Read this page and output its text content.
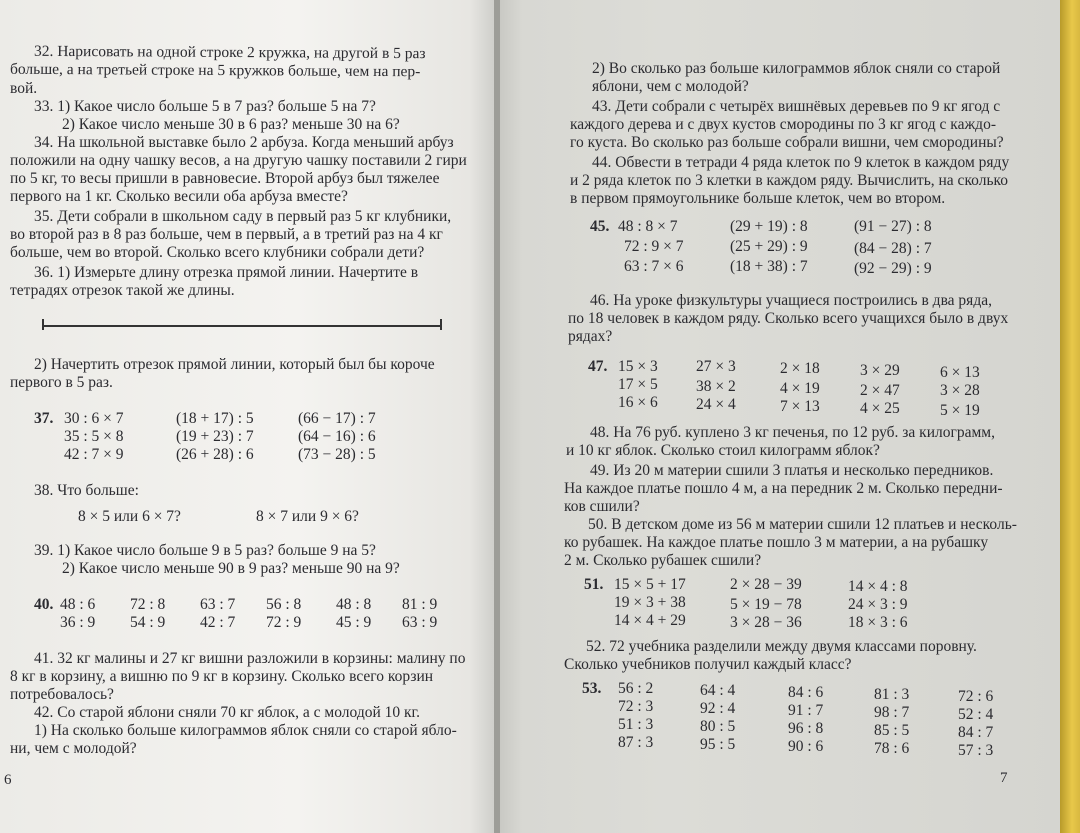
32. Нарисовать на одной строке 2 кружка, на другой в 5 раз
больше, а на третьей строке на 5 кружков больше, чем на пер-
вой.
33. 1) Какое число больше 5 в 7 раз? больше 5 на 7?
2) Какое число меньше 30 в 6 раз? меньше 30 на 6?
34. На школьной выставке было 2 арбуза. Когда меньший арбуз
положили на одну чашку весов, а на другую чашку поставили 2 гири
по 5 кг, то весы пришли в равновесие. Второй арбуз был тяжелее
первого на 1 кг. Сколько весили оба арбуза вместе?
35. Дети собрали в школьном саду в первый раз 5 кг клубники,
во второй раз в 8 раз больше, чем в первый, а в третий раз на 4 кг
больше, чем во второй. Сколько всего клубники собрали дети?
36. 1) Измерьте длину отрезка прямой линии. Начертите в
тетрадях отрезок такой же длины.
2) Начертить отрезок прямой линии, который был бы короче
первого в 5 раз.
37. 30 : 6 × 7	(18 + 17) : 5	(66 − 17) : 7
35 : 5 × 8	(19 + 23) : 7	(64 − 16) : 6
42 : 7 × 9	(26 + 28) : 6	(73 − 28) : 5
38. Что больше:
8 × 5 или 6 × 7?	8 × 7 или 9 × 6?
39. 1) Какое число больше 9 в 5 раз? больше 9 на 5?
2) Какое число меньше 90 в 9 раз? меньше 90 на 9?
40. 48 : 6 72 : 8 63 : 7 56 : 8 48 : 8 81 : 9
36 : 9 54 : 9 42 : 7 72 : 9 45 : 9 63 : 9
41. 32 кг малины и 27 кг вишни разложили в корзины: малину по
8 кг в корзину, а вишню по 9 кг в корзину. Сколько всего корзин
потребовалось?
42. Со старой яблони сняли 70 кг яблок, а с молодой 10 кг.
1) На сколько больше килограммов яблок сняли со старой ябло-
ни, чем с молодой?
6
2) Во сколько раз больше килограммов яблок сняли со старой
яблони, чем с молодой?
43. Дети собрали с четырёх вишнёвых деревьев по 9 кг ягод с
каждого дерева и с двух кустов смородины по 3 кг ягод с каждо-
го куста. Во сколько раз больше собрали вишни, чем смородины?
44. Обвести в тетради 4 ряда клеток по 9 клеток в каждом ряду
и 2 ряда клеток по 3 клетки в каждом ряду. Вычислить, на сколько
в первом прямоугольнике больше клеток, чем во втором.
45. 48 : 8 × 7	(29 + 19) : 8	(91 − 27) : 8
72 : 9 × 7	(25 + 29) : 9	(84 − 28) : 7
63 : 7 × 6	(18 + 38) : 7	(92 − 29) : 9
46. На уроке физкультуры учащиеся построились в два ряда,
по 18 человек в каждом ряду. Сколько всего учащихся было в двух
рядах?
47. 15 × 3 27 × 3	2 × 18	3 × 29	6 × 13
17 × 5 38 × 2	4 × 19	2 × 47	3 × 28
16 × 6 24 × 4	7 × 13	4 × 25	5 × 19
48. На 76 руб. куплено 3 кг печенья, по 12 руб. за килограмм,
и 10 кг яблок. Сколько стоил килограмм яблок?
49. Из 20 м материи сшили 3 платья и несколько передников.
На каждое платье пошло 4 м, а на передник 2 м. Сколько передни-
ков сшили?
50. В детском доме из 56 м материи сшили 12 платьев и несколь-
ко рубашек. На каждое платье пошло 3 м материи, а на рубашку
2 м. Сколько рубашек сшили?
51. 15 × 5 + 17	2 × 28 − 39	14 × 4 : 8
19 × 3 + 38	5 × 19 − 78	24 × 3 : 9
14 × 4 + 29	3 × 28 − 36	18 × 3 : 6
52. 72 учебника разделили между двумя классами поровну.
Сколько учебников получил каждый класс?
53. 56 : 2	64 : 4	84 : 6	81 : 3	72 : 6
72 : 3	92 : 4	91 : 7	98 : 7	52 : 4
51 : 3	80 : 5	96 : 8	85 : 5	84 : 7
87 : 3	95 : 5	90 : 6	78 : 6	57 : 3
7
